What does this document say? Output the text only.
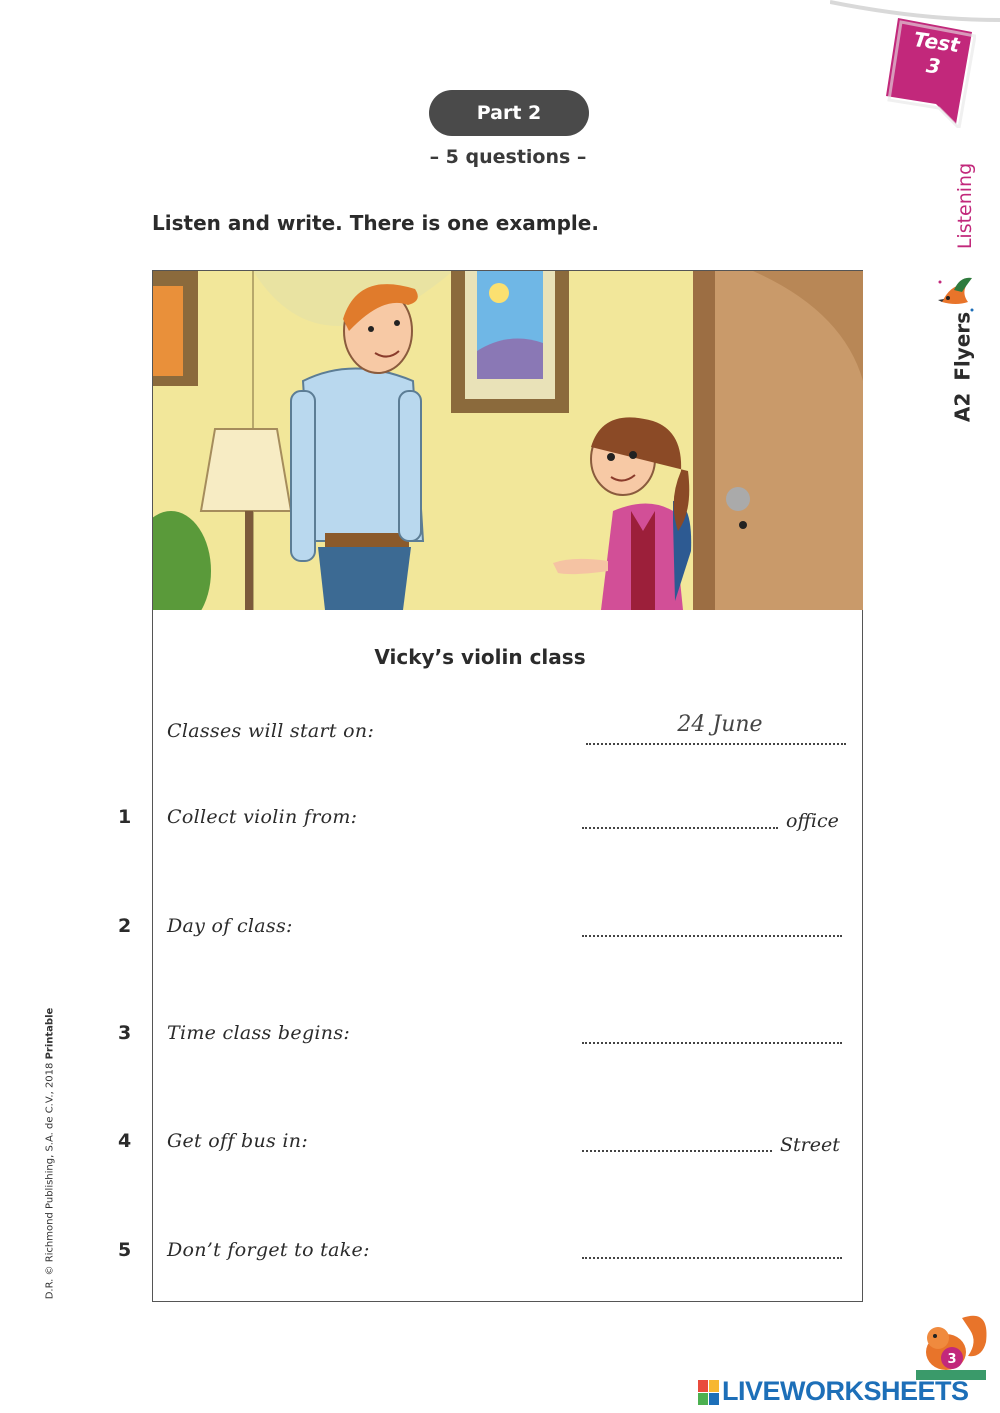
Test
3
Listening
A2Flyers
D.R. © Richmond Publishing, S.A. de C.V., 2018 Printable
Part 2
– 5 questions –
Listen and write. There is one example.
Vicky’s violin class
Classes will start on:	24 June
1	Collect violin from:	office
2	Day of class:
3	Time class begins:
4	Get off bus in:	Street
5	Don’t forget to take:
3
LIVEWORKSHEETS
